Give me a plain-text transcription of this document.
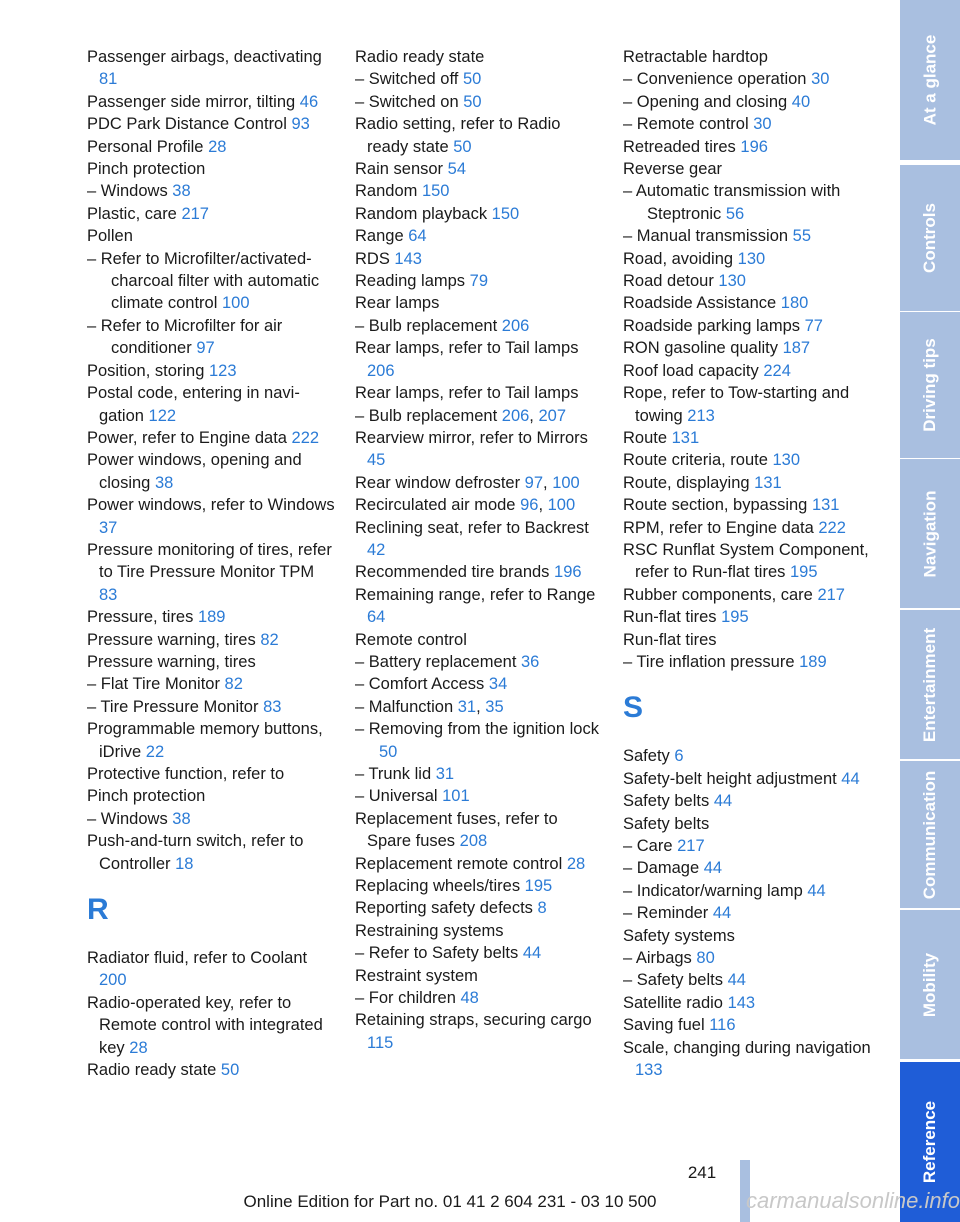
Passenger airbags, deactivating 81
Passenger side mirror, tilting 46
PDC Park Distance Control 93
Personal Profile 28
Pinch protection
– Windows 38
Plastic, care 217
Pollen
– Refer to Microfilter/activated-charcoal filter with automatic climate control 100
– Refer to Microfilter for air conditioner 97
Position, storing 123
Postal code, entering in navigation 122
Power, refer to Engine data 222
Power windows, opening and closing 38
Power windows, refer to Windows 37
Pressure monitoring of tires, refer to Tire Pressure Monitor TPM 83
Pressure, tires 189
Pressure warning, tires 82
Pressure warning, tires
– Flat Tire Monitor 82
– Tire Pressure Monitor 83
Programmable memory buttons, iDrive 22
Protective function, refer to
Pinch protection
– Windows 38
Push-and-turn switch, refer to Controller 18
R
Radiator fluid, refer to Coolant 200
Radio-operated key, refer to Remote control with integrated key 28
Radio ready state 50
Radio ready state
– Switched off 50
– Switched on 50
Radio setting, refer to Radio ready state 50
Rain sensor 54
Random 150
Random playback 150
Range 64
RDS 143
Reading lamps 79
Rear lamps
– Bulb replacement 206
Rear lamps, refer to Tail lamps 206
Rear lamps, refer to Tail lamps
– Bulb replacement 206, 207
Rearview mirror, refer to Mirrors 45
Rear window defroster 97, 100
Recirculated air mode 96, 100
Reclining seat, refer to Backrest 42
Recommended tire brands 196
Remaining range, refer to Range 64
Remote control
– Battery replacement 36
– Comfort Access 34
– Malfunction 31, 35
– Removing from the ignition lock 50
– Trunk lid 31
– Universal 101
Replacement fuses, refer to Spare fuses 208
Replacement remote control 28
Replacing wheels/tires 195
Reporting safety defects 8
Restraining systems
– Refer to Safety belts 44
Restraint system
– For children 48
Retaining straps, securing cargo 115
Retractable hardtop
– Convenience operation 30
– Opening and closing 40
– Remote control 30
Retreaded tires 196
Reverse gear
– Automatic transmission with Steptronic 56
– Manual transmission 55
Road, avoiding 130
Road detour 130
Roadside Assistance 180
Roadside parking lamps 77
RON gasoline quality 187
Roof load capacity 224
Rope, refer to Tow-starting and towing 213
Route 131
Route criteria, route 130
Route, displaying 131
Route section, bypassing 131
RPM, refer to Engine data 222
RSC Runflat System Component, refer to Run-flat tires 195
Rubber components, care 217
Run-flat tires 195
Run-flat tires
– Tire inflation pressure 189
S
Safety 6
Safety-belt height adjustment 44
Safety belts 44
Safety belts
– Care 217
– Damage 44
– Indicator/warning lamp 44
– Reminder 44
Safety systems
– Airbags 80
– Safety belts 44
Satellite radio 143
Saving fuel 116
Scale, changing during navigation 133
At a glance
Controls
Driving tips
Navigation
Entertainment
Communication
Mobility
Reference
241
Online Edition for Part no. 01 41 2 604 231 - 03 10 500	carmanualsonline.info
